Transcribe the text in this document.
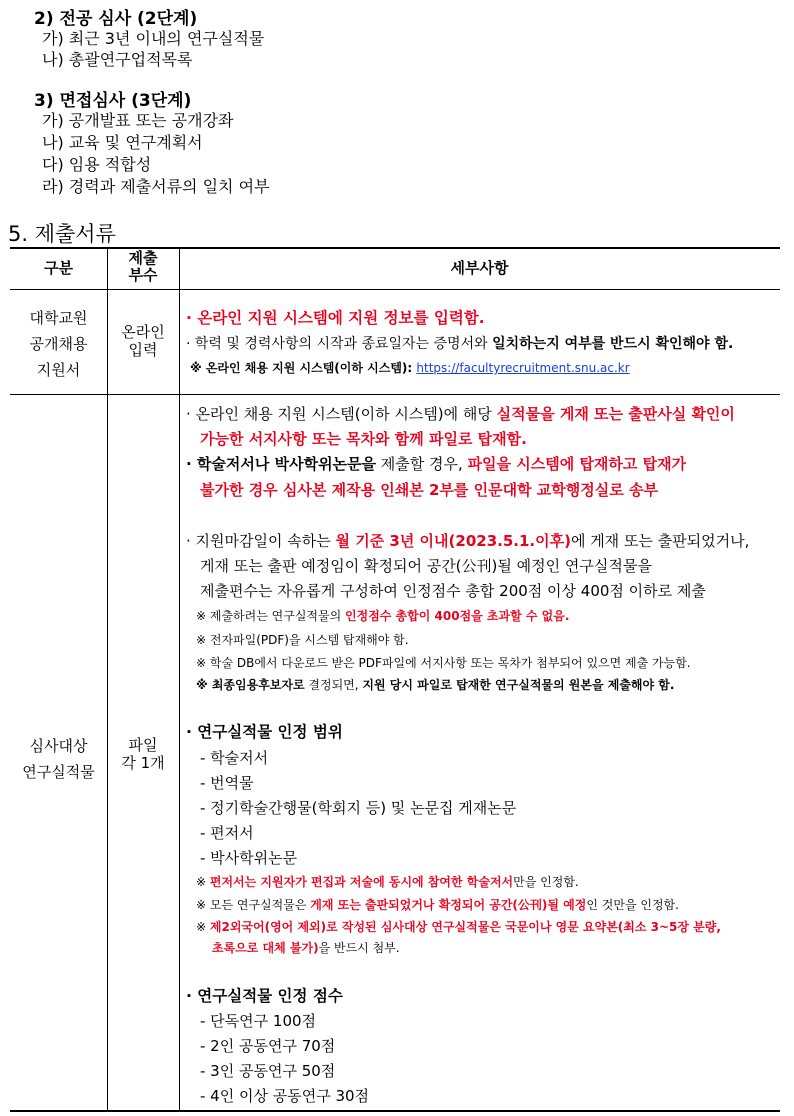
2) 전공 심사 (2단계)
가) 최근 3년 이내의 연구실적물
나) 총괄연구업적목록
3) 면접심사 (3단계)
가) 공개발표 또는 공개강좌
나) 교육 및 연구계획서
다) 임용 적합성
라) 경력과 제출서류의 일치 여부
5. 제출서류
구분
제출
부수	세부사항
대학교원
공개채용
지원서
온라인
입력
· 온라인 지원 시스템에 지원 정보를 입력함.
· 학력 및 경력사항의 시작과 종료일자는 증명서와 일치하는지 여부를 반드시 확인해야 함.
※ 온라인 채용 지원 시스템(이하 시스템): https://facultyrecruitment.snu.ac.kr
심사대상
연구실적물
파일
각 1개
· 온라인 채용 지원 시스템(이하 시스템)에 해당 실적물을 게재 또는 출판사실 확인이
가능한 서지사항 또는 목차와 함께 파일로 탑재함.
· 학술저서나 박사학위논문을 제출할 경우, 파일을 시스템에 탑재하고 탑재가
불가한 경우 심사본 제작용 인쇄본 2부를 인문대학 교학행정실로 송부
· 지원마감일이 속하는 월 기준 3년 이내(2023.5.1.이후)에 게재 또는 출판되었거나,
게재 또는 출판 예정임이 확정되어 공간(公刊)될 예정인 연구실적물을
제출편수는 자유롭게 구성하여 인정점수 총합 200점 이상 400점 이하로 제출
※ 제출하려는 연구실적물의 인정점수 총합이 400점을 초과할 수 없음.
※ 전자파일(PDF)을 시스템 탑재해야 함.
※ 학술 DB에서 다운로드 받은 PDF파일에 서지사항 또는 목차가 첨부되어 있으면 제출 가능함.
※ 최종임용후보자로 결정되면, 지원 당시 파일로 탑재한 연구실적물의 원본을 제출해야 함.
· 연구실적물 인정 범위
- 학술저서
- 번역물
- 정기학술간행물(학회지 등) 및 논문집 게재논문
- 편저서
- 박사학위논문
※ 편저서는 지원자가 편집과 저술에 동시에 참여한 학술저서만을 인정함.
※ 모든 연구실적물은 게재 또는 출판되었거나 확정되어 공간(公刊)될 예정인 것만을 인정함.
※ 제2외국어(영어 제외)로 작성된 심사대상 연구실적물은 국문이나 영문 요약본(최소 3~5장 분량,
초록으로 대체 불가)을 반드시 첨부.
· 연구실적물 인정 점수
- 단독연구 100점
- 2인 공동연구 70점
- 3인 공동연구 50점
- 4인 이상 공동연구 30점
